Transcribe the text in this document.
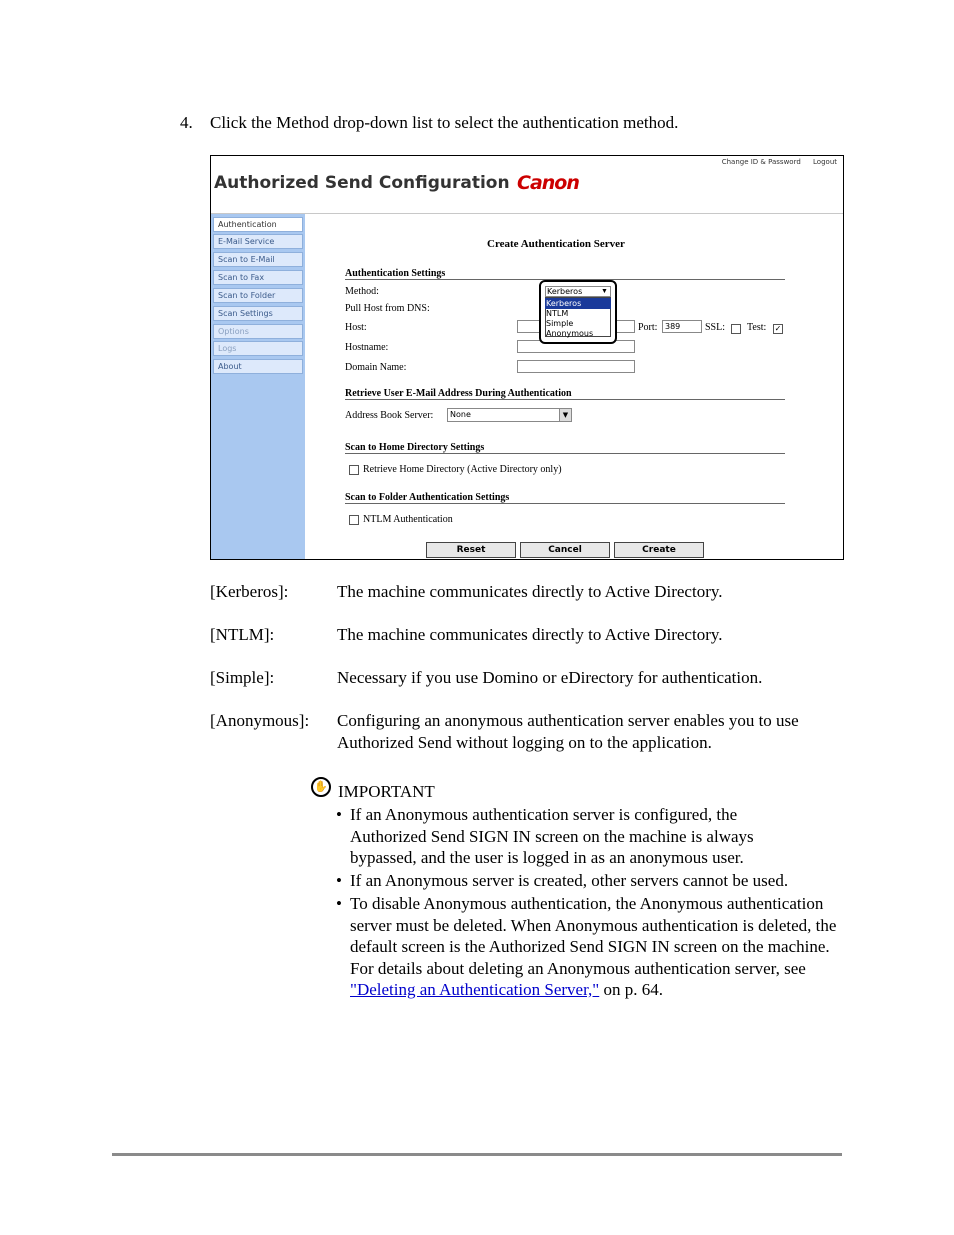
4. Click the Method drop-down list to select the authentication method.
Authorized Send Configuration Canon
Change ID & Password Logout
Authentication
E-Mail Service
Scan to E-Mail
Scan to Fax
Scan to Folder
Scan Settings
Options
Logs
About
Create Authentication Server
Authentication Settings
Method:
Pull Host from DNS:
Host:	Port: 389	SSL: Test: ✓
Hostname:
Domain Name:
Retrieve User E-Mail Address During Authentication
Address Book Server:	None	▼
Scan to Home Directory Settings
Retrieve Home Directory (Active Directory only)
Scan to Folder Authentication Settings
NTLM Authentication
Reset	Cancel	Create
Kerberos	▼
Kerberos
NTLM
Simple
Anonymous
[Kerberos]:	The machine communicates directly to Active Directory.
[NTLM]:	The machine communicates directly to Active Directory.
[Simple]:	Necessary if you use Domino or eDirectory for authentication.
[Anonymous]: Configuring an anonymous authentication server enables you to use Authorized Send without logging on to the application.
✋ IMPORTANT
• If an Anonymous authentication server is configured, the Authorized Send SIGN IN screen on the machine is always bypassed, and the user is logged in as an anonymous user.
• If an Anonymous server is created, other servers cannot be used.
• To disable Anonymous authentication, the Anonymous authentication server must be deleted. When Anonymous authentication is deleted, the default screen is the Authorized Send SIGN IN screen on the machine. For details about deleting an Anonymous authentication server, see "Deleting an Authentication Server," on p. 64.
